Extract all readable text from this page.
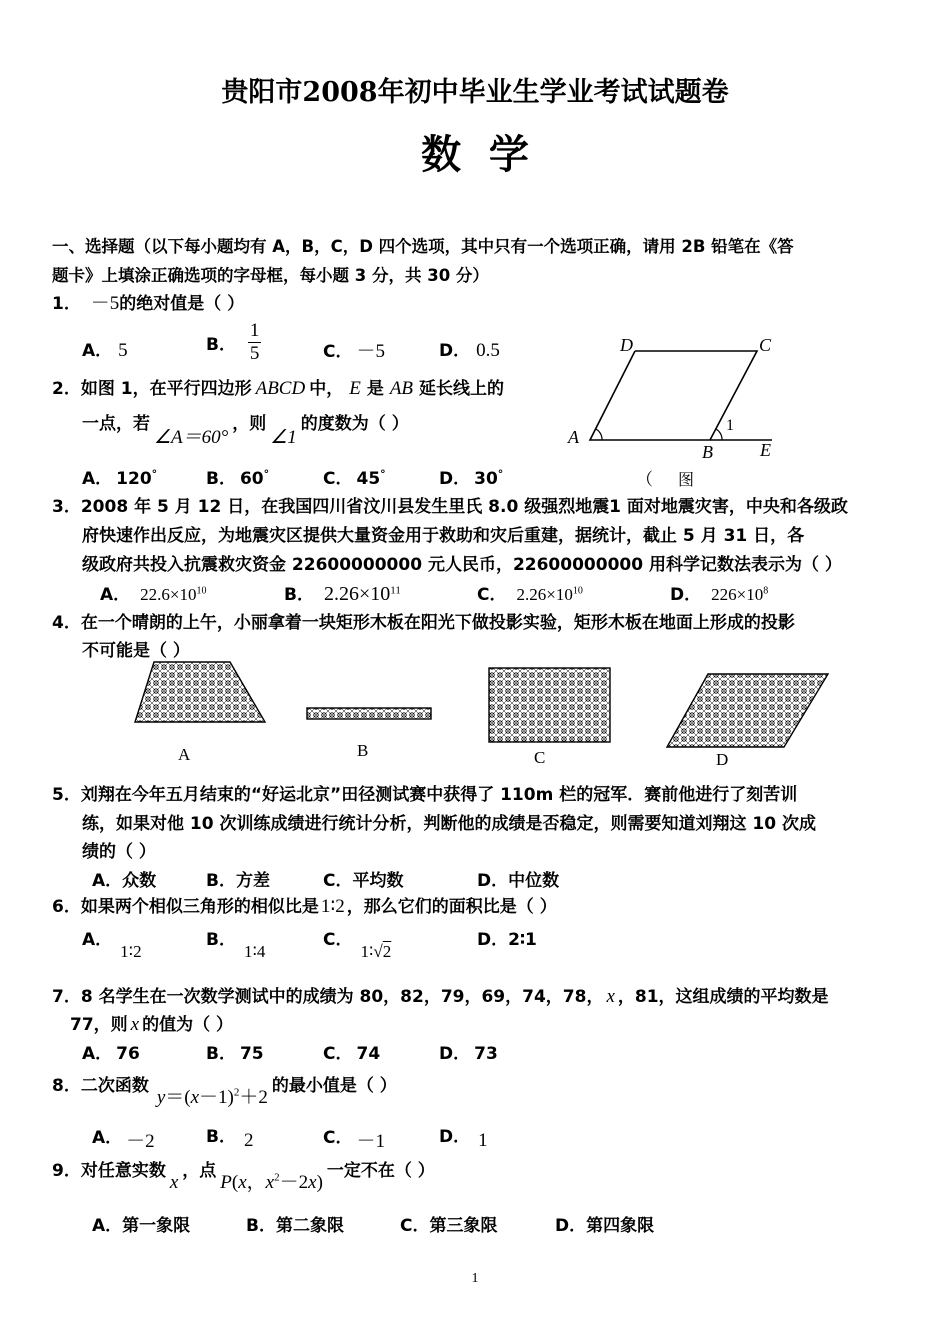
贵阳市2008年初中毕业生学业考试试题卷
数  学
一、选择题（以下每小题均有 A，B，C，D 四个选项，其中只有一个选项正确，请用 2B 铅笔在《答
题卡》上填涂正确选项的字母框，每小题 3 分，共 30 分）
1． －5的绝对值是（ ）
A． 5	B． $\frac{1}{5}$	C． －5	D． 0.5
2．如图 1，在平行四边形 ABCD 中， E 是 AB 延长线上的
一点，若∠A＝60°，则∠1的度数为（ ）
A． 120°	B． 60°	C． 45°	D． 30°
D	C
A
B	E
1
（ 图
3．2008 年 5 月 12 日，在我国四川省汶川县发生里氏 8.0 级强烈地震1 面对地震灾害，中央和各级政
府快速作出反应，为地震灾区提供大量资金用于救助和灾后重建，据统计，截止 5 月 31 日，各
级政府共投入抗震救灾资金 22600000000 元人民币，22600000000 用科学记数法表示为（ ）
A． $22.6\times 10^{10}$	B． $2.26\times 10^{11}$	C． $2.26\times 10^{10}$	D． $226\times 10^8$
4．在一个晴朗的上午，小丽拿着一块矩形木板在阳光下做投影实验，矩形木板在地面上形成的投影
不可能是（ ）
A	B	C	D
5．刘翔在今年五月结束的“好运北京”田径测试赛中获得了 110m 栏的冠军．赛前他进行了刻苦训
练，如果对他 10 次训练成绩进行统计分析，判断他的成绩是否稳定，则需要知道刘翔这 10 次成
绩的（ ）
A．众数	B．方差	C．平均数	D．中位数
6．如果两个相似三角形的相似比是 1∶2 ，那么它们的面积比是（ ）
A．1∶2
B．1∶4
C．1∶√2
D．2∶1
7．8 名学生在一次数学测试中的成绩为 80，82，79，69，74，78， x ，81，这组成绩的平均数是
77，则 x 的值为（ ）
A． 76	B． 75	C． 74	D． 73
8．二次函数$y=(x-1)^2+2$的最小值是（ ）
A． －2	B． 2	C． －1	D． 1
9．对任意实数x，点P(x，$x^2-2x$)一定不在（ ）
A．第一象限	B．第二象限	C．第三象限	D．第四象限
1
